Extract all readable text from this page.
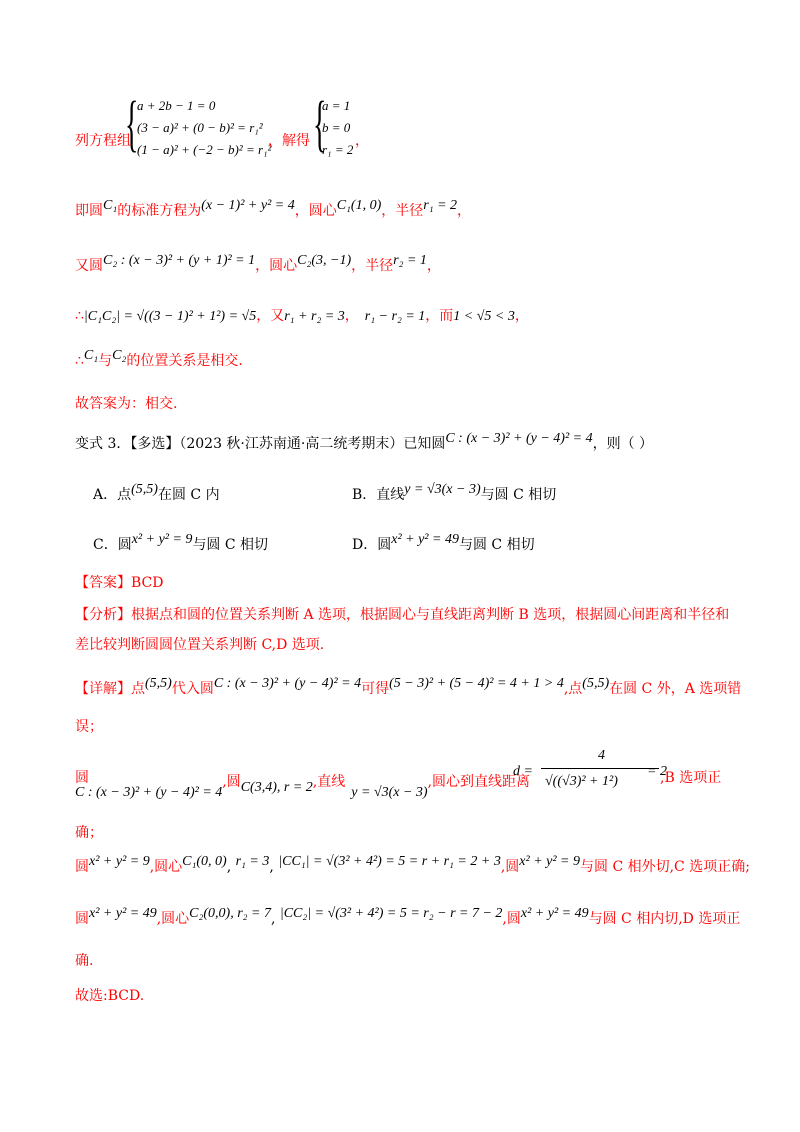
列方程组
{
a + 2b − 1 = 0
(3 − a)² + (0 − b)² = r₁²
(1 − a)² + (−2 − b)² = r₁²
，解得 {
a = 1
b = 0
r₁ = 2
，
即圆C₁的标准方程为(x − 1)² + y² = 4，圆心C₁(1, 0)，半径r₁ = 2，
又圆C₂ : (x − 3)² + (y + 1)² = 1，圆心C₂(3, −1)，半径r₂ = 1，
∴|C₁C₂| = √((3 − 1)² + 1²) = √5，又r₁ + r₂ = 3， r₁ − r₂ = 1，而1 < √5 < 3，
∴C₁与C₂的位置关系是相交.
故答案为：相交.
变式 3．【多选】（2023 秋·江苏南通·高二统考期末）已知圆C : (x − 3)² + (y − 4)² = 4，则（ ）
A．点(5,5)在圆 C 内	B．直线y = √3(x − 3)与圆 C 相切
C．圆x² + y² = 9与圆 C 相切	D．圆x² + y² = 49与圆 C 相切
【答案】BCD
【分析】根据点和圆的位置关系判断 A 选项，根据圆心与直线距离判断 B 选项，根据圆心间距离和半径和
差比较判断圆圆位置关系判断 C,D 选项.
【详解】点(5,5)代入圆C : (x − 3)² + (y − 4)² = 4可得(5 − 3)² + (5 − 4)² = 4 + 1 > 4,点(5,5)在圆 C 外，A 选项错
误；
圆
C : (x − 3)² + (y − 4)² = 4,圆C(3,4), r = 2,直线y = √3(x − 3),圆心到直线距离
d =
4
√((√3)² + 1²)
= 2
,B 选项正
确；
圆x² + y² = 9,圆心C₁(0, 0), r₁ = 3, |CC₁| = √(3² + 4²) = 5 = r + r₁ = 2 + 3,圆x² + y² = 9与圆 C 相外切,C 选项正确;
圆x² + y² = 49,圆心C₂(0,0), r₂ = 7, |CC₂| = √(3² + 4²) = 5 = r₂ − r = 7 − 2,圆x² + y² = 49与圆 C 相内切,D 选项正
确.
故选:BCD.
